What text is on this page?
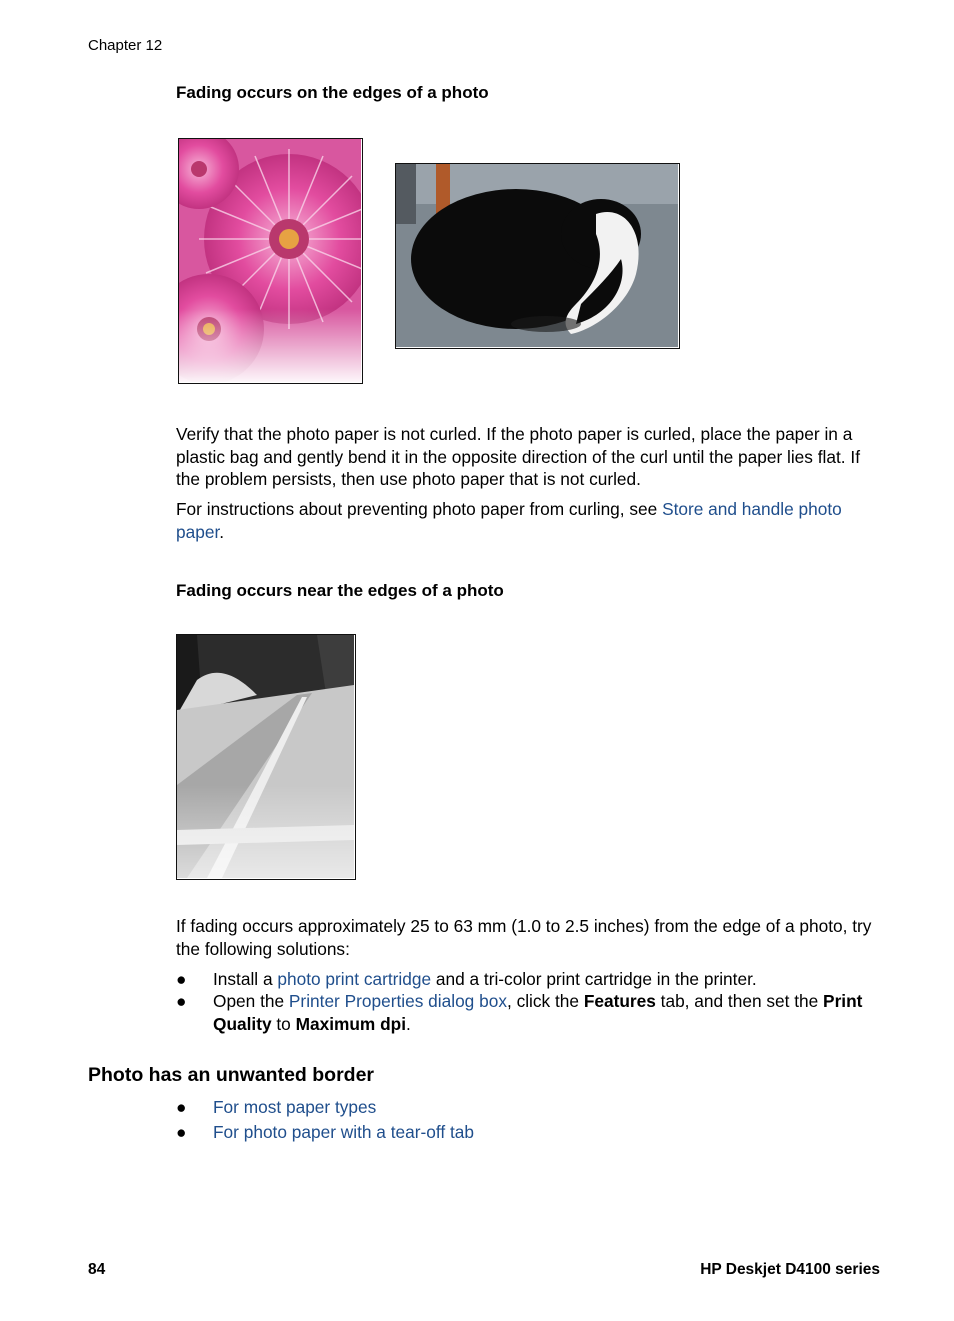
Chapter 12
Fading occurs on the edges of a photo
Verify that the photo paper is not curled. If the photo paper is curled, place the paper in a plastic bag and gently bend it in the opposite direction of the curl until the paper lies flat. If the problem persists, then use photo paper that is not curled.
For instructions about preventing photo paper from curling, see Store and handle photo paper.
Fading occurs near the edges of a photo
If fading occurs approximately 25 to 63 mm (1.0 to 2.5 inches) from the edge of a photo, try the following solutions:
●	Install a photo print cartridge and a tri-color print cartridge in the printer.
●	Open the Printer Properties dialog box, click the Features tab, and then set the Print Quality to Maximum dpi.
Photo has an unwanted border
●	For most paper types
●	For photo paper with a tear-off tab
84	HP Deskjet D4100 series
